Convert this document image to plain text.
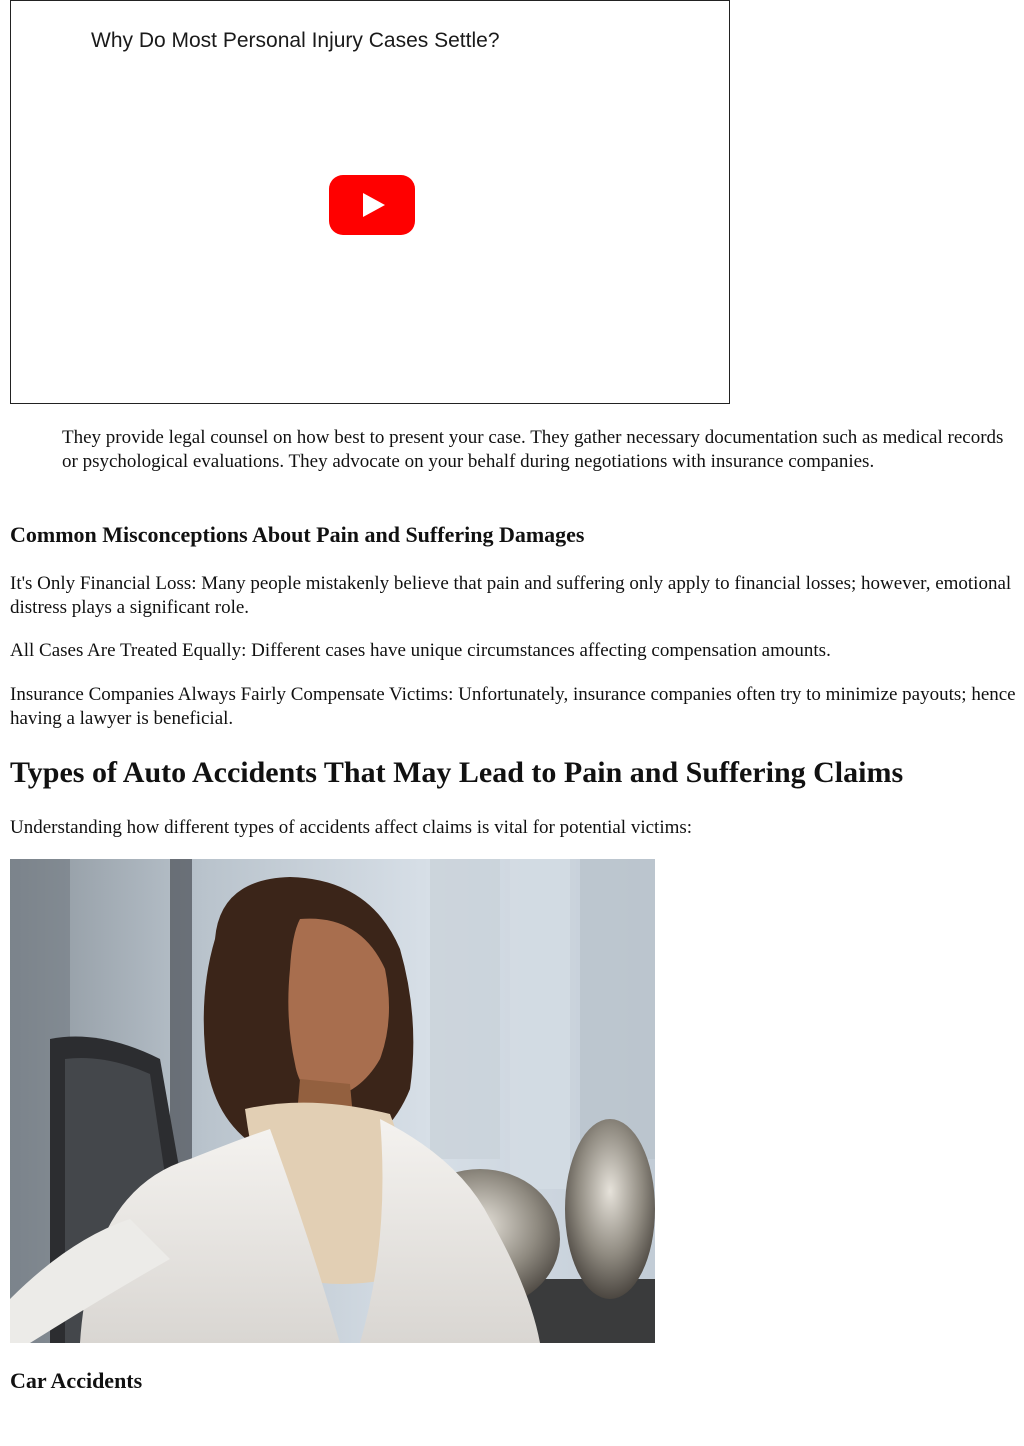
Why Do Most Personal Injury Cases Settle?

They provide legal counsel on how best to present your case. They gather necessary documentation such as medical records or psychological evaluations. They advocate on your behalf during negotiations with insurance companies.

Common Misconceptions About Pain and Suffering Damages

It's Only Financial Loss: Many people mistakenly believe that pain and suffering only apply to financial losses; however, emotional distress plays a significant role.

All Cases Are Treated Equally: Different cases have unique circumstances affecting compensation amounts.

Insurance Companies Always Fairly Compensate Victims: Unfortunately, insurance companies often try to minimize payouts; hence having a lawyer is beneficial.

Types of Auto Accidents That May Lead to Pain and Suffering Claims

Understanding how different types of accidents affect claims is vital for potential victims:

Car Accidents
